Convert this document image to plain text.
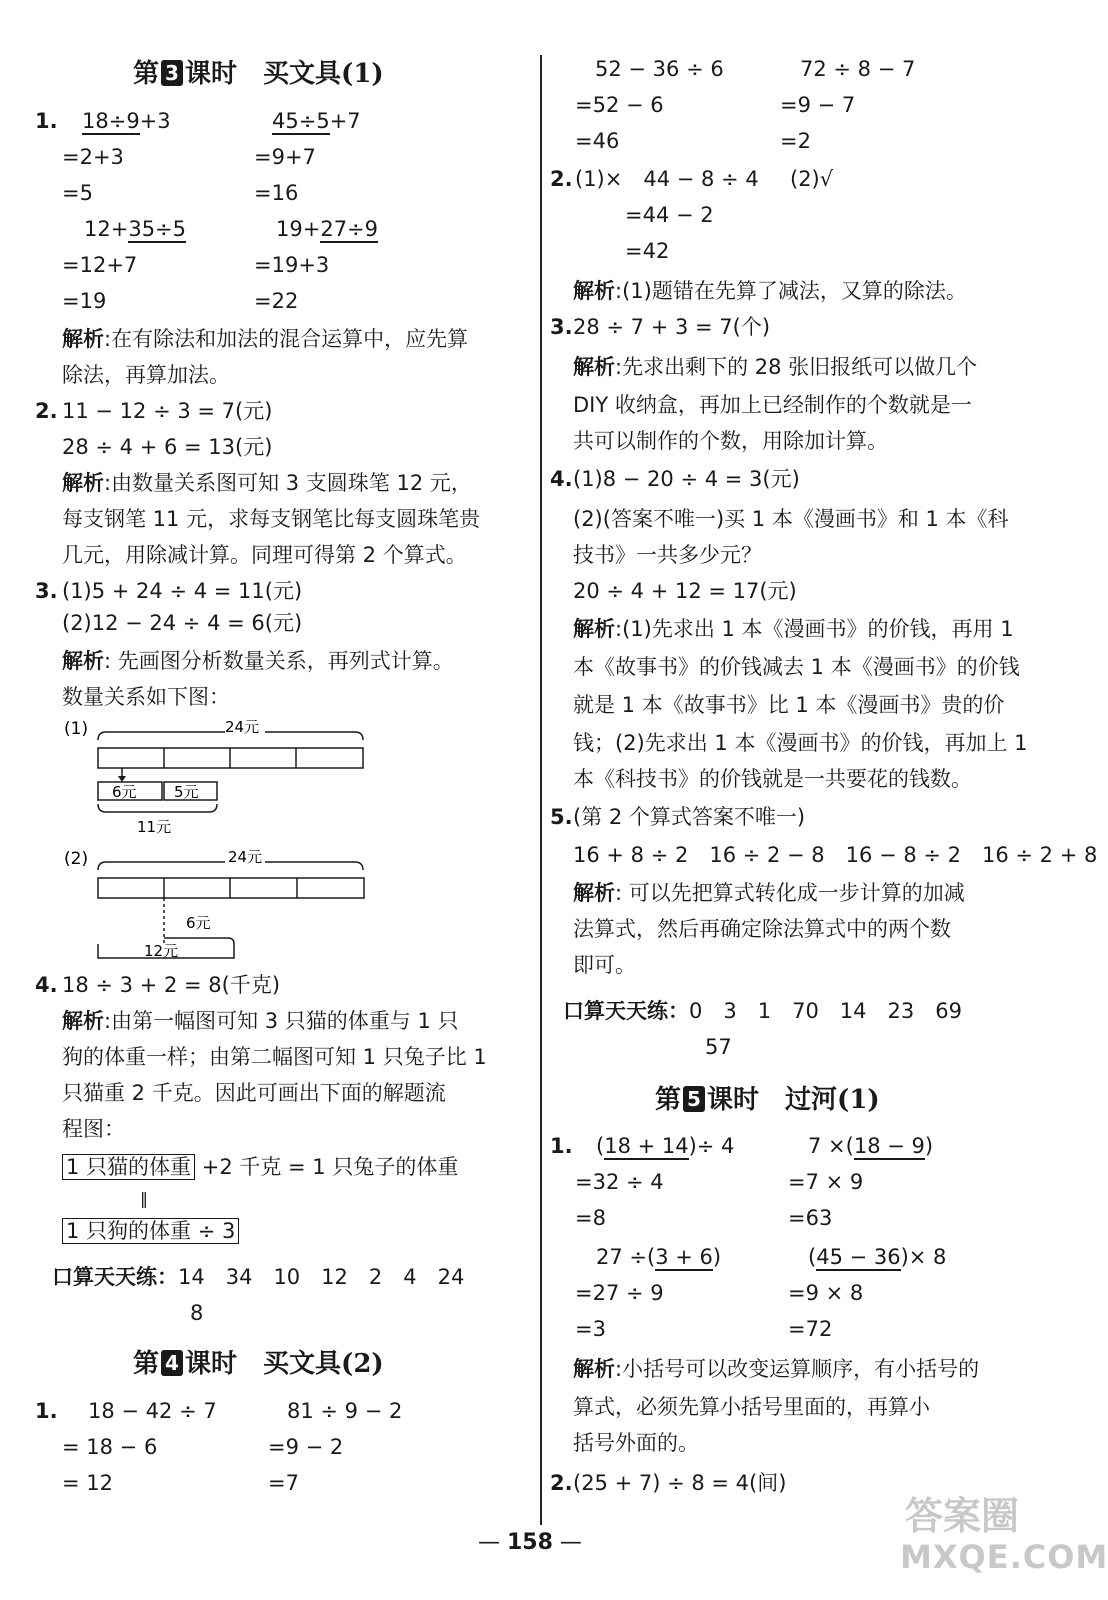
第 3 课时　买文具(1)
1. 18÷9+3
=2+3
=5
45÷5+7
=9+7
=16
12+35÷5
=12+7
=19
19+27÷9
=19+3
=22
解析:在有除法和加法的混合运算中，应先算
除法，再算加法。
2. 11 − 12 ÷ 3 = 7(元)
28 ÷ 4 + 6 = 13(元)
解析:由数量关系图可知 3 支圆珠笔 12 元，
每支钢笔 11 元，求每支钢笔比每支圆珠笔贵
几元，用除减计算。同理可得第 2 个算式。
3. (1)5 + 24 ÷ 4 = 11(元)
(2)12 − 24 ÷ 4 = 6(元)
解析: 先画图分析数量关系，再列式计算。
数量关系如下图：
(1)	24元
6元 5元
11元
(2)	24元
6元
12元
4. 18 ÷ 3 + 2 = 8(千克)
解析:由第一幅图可知 3 只猫的体重与 1 只
狗的体重一样；由第二幅图可知 1 只兔子比 1
只猫重 2 千克。因此可画出下面的解题流
程图：
1 只猫的体重 +2 千克 = 1 只兔子的体重
‖
1 只狗的体重 ÷ 3
口算天天练：14　34　10　12　2　4　24
8
第 4 课时　买文具(2)
1. 18 − 42 ÷ 7
= 18 − 6
= 12
81 ÷ 9 − 2
=9 − 2
=7
52 − 36 ÷ 6
=52 − 6
=46
72 ÷ 8 − 7
=9 − 7
=2
2. (1)×　44 − 8 ÷ 4 (2)√
=44 − 2
=42
解析:(1)题错在先算了减法，又算的除法。
3. 28 ÷ 7 + 3 = 7(个)
解析:先求出剩下的 28 张旧报纸可以做几个
DIY 收纳盒，再加上已经制作的个数就是一
共可以制作的个数，用除加计算。
4. (1)8 − 20 ÷ 4 = 3(元)
(2)(答案不唯一)买 1 本《漫画书》和 1 本《科
技书》一共多少元？
20 ÷ 4 + 12 = 17(元)
解析:(1)先求出 1 本《漫画书》的价钱，再用 1
本《故事书》的价钱减去 1 本《漫画书》的价钱
就是 1 本《故事书》比 1 本《漫画书》贵的价
钱；(2)先求出 1 本《漫画书》的价钱，再加上 1
本《科技书》的价钱就是一共要花的钱数。
5. (第 2 个算式答案不唯一)
16 + 8 ÷ 2　16 ÷ 2 − 8　16 − 8 ÷ 2　16 ÷ 2 + 8
解析: 可以先把算式转化成一步计算的加减
法算式，然后再确定除法算式中的两个数
即可。
口算天天练：0　3　1　70　14　23　69
57
第 5 课时　过河(1)
1. (18 + 14)÷ 4
=32 ÷ 4
=8
7 ×(18 − 9)
=7 × 9
=63
27 ÷(3 + 6)
=27 ÷ 9
=3
(45 − 36)× 8
=9 × 8
=72
解析:小括号可以改变运算顺序，有小括号的
算式，必须先算小括号里面的，再算小
括号外面的。
2. (25 + 7) ÷ 8 = 4(间)
— 158 —
答案圈
MXQE.COM
